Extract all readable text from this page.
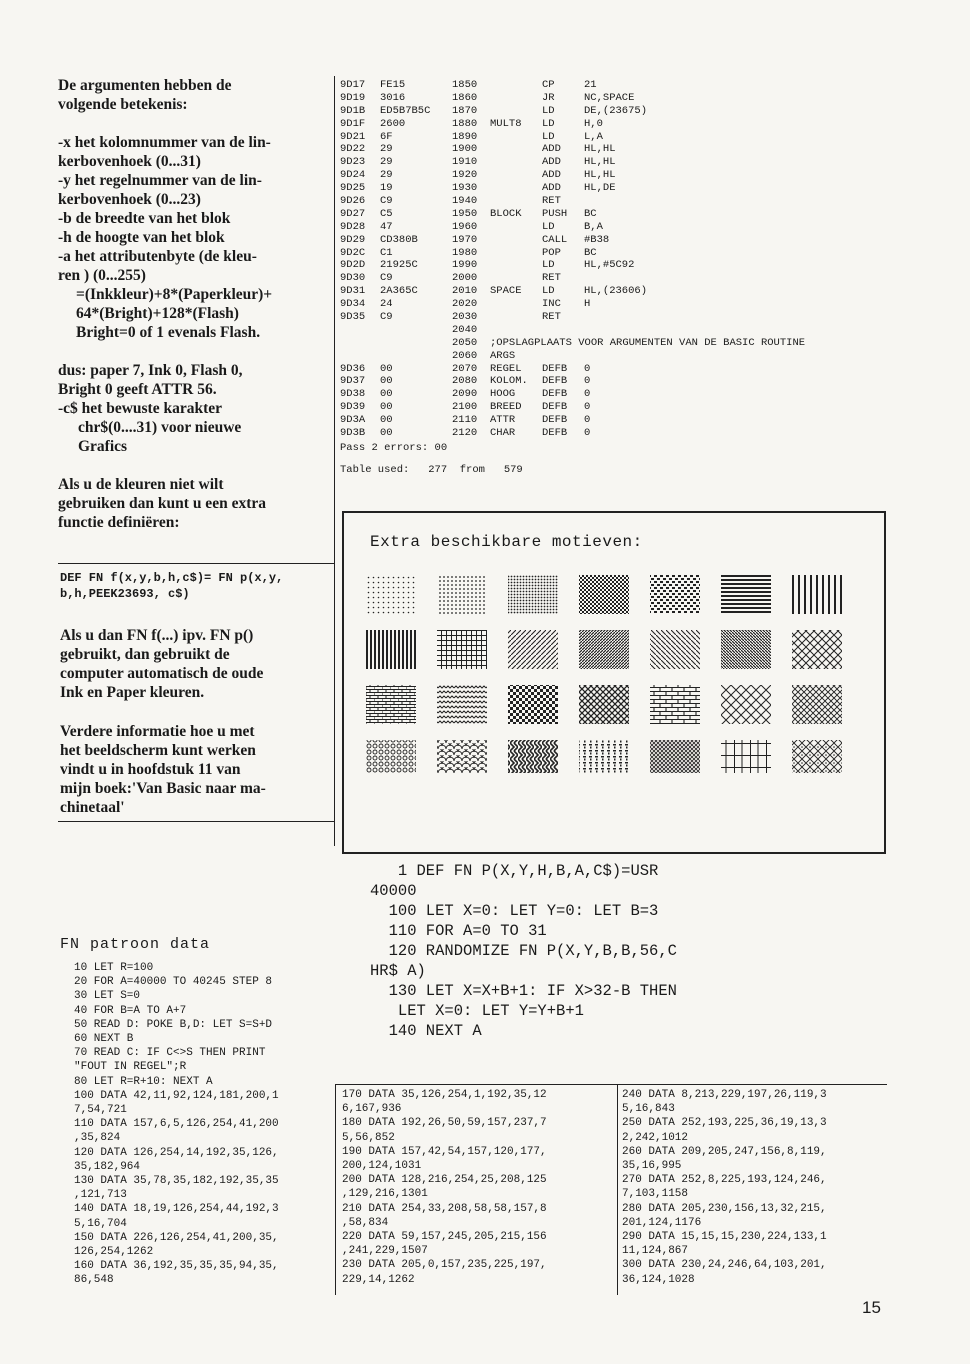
De argumenten hebben de
volgende betekenis:

-x het kolomnummer van de lin-
kerbovenhoek (0...31)
-y het regelnummer van de lin-
kerbovenhoek (0...23)
-b de breedte van het blok
-h de hoogte van het blok
-a het attributenbyte (de kleu-
ren ) (0...255)
=(Inkkleur)+8*(Paperkleur)+
64*(Bright)+128*(Flash)
Bright=0 of 1 evenals Flash.

dus: paper 7, Ink 0, Flash 0,
Bright 0 geeft ATTR 56.
-c$ het bewuste karakter
chr$(0....31) voor nieuwe
Grafics

Als u de kleuren niet wilt
gebruiken dan kunt u een extra
functie definiëren:
9D17 FE15	1850	CP	21
9D19 3016	1860	JR	NC,SPACE
9D1B ED5B7B5C 1870	LD	DE,(23675)
9D1F 2600	1880 MULT8 LD	H,0
9D21 6F	1890	LD	L,A
9D22 29	1900	ADD HL,HL
9D23 29	1910	ADD HL,HL
9D24 29	1920	ADD HL,HL
9D25 19	1930	ADD HL,DE
9D26 C9	1940	RET
9D27 C5	1950 BLOCK PUSH BC
9D28 47	1960	LD	B,A
9D29 CD380B	1970	CALL #B38
9D2C C1	1980	POP BC
9D2D 21925C	1990	LD	HL,#5C92
9D30 C9	2000	RET
9D31 2A365C	2010 SPACE LD	HL,(23606)
9D34 24	2020	INC H
9D35 C9	2030	RET
2040
2050 ;OPSLAGPLAATS VOOR ARGUMENTEN VAN DE BASIC ROUTINE
2060 ARGS
9D36 00	2070 REGEL DEFB 0
9D37 00	2080 KOLOM. DEFB 0
9D38 00	2090 HOOG	DEFB 0
9D39 00	2100 BREED DEFB 0
9D3A 00	2110 ATTR	DEFB 0
9D3B 00	2120 CHAR	DEFB 0
Pass 2 errors: 00
Table used:   277  from   579
Extra beschikbare motieven:
DEF FN f(x,y,b,h,c$)= FN p(x,y,
b,h,PEEK23693, c$)
Als u dan FN f(...) ipv. FN p()
gebruikt, dan gebruikt de
computer automatisch de oude
Ink en Paper kleuren.
Verdere informatie hoe u met
het beeldscherm kunt werken
vindt u in hoofdstuk 11 van
mijn boek:'Van Basic naar ma-
chinetaal'
1 DEF FN P(X,Y,H,B,A,C$)=USR
40000
100 LET X=0: LET Y=0: LET B=3
110 FOR A=0 TO 31
120 RANDOMIZE FN P(X,Y,B,B,56,C
HR$ A)
130 LET X=X+B+1: IF X>32-B THEN
LET X=0: LET Y=Y+B+1
140 NEXT A
FN patroon data
10 LET R=100
20 FOR A=40000 TO 40245 STEP 8
30 LET S=0
40 FOR B=A TO A+7
50 READ D: POKE B,D: LET S=S+D
60 NEXT B
70 READ C: IF C<>S THEN PRINT
"FOUT IN REGEL";R
80 LET R=R+10: NEXT A
100 DATA 42,11,92,124,181,200,1
7,54,721
110 DATA 157,6,5,126,254,41,200
,35,824
120 DATA 126,254,14,192,35,126,
35,182,964
130 DATA 35,78,35,182,192,35,35
,121,713
140 DATA 18,19,126,254,44,192,3
5,16,704
150 DATA 226,126,254,41,200,35,
126,254,1262
160 DATA 36,192,35,35,35,94,35,
86,548
170 DATA 35,126,254,1,192,35,12
6,167,936
180 DATA 192,26,50,59,157,237,7
5,56,852
190 DATA 157,42,54,157,120,177,
200,124,1031
200 DATA 128,216,254,25,208,125
,129,216,1301
210 DATA 254,33,208,58,58,157,8
,58,834
220 DATA 59,157,245,205,215,156
,241,229,1507
230 DATA 205,0,157,235,225,197,
229,14,1262
240 DATA 8,213,229,197,26,119,3
5,16,843
250 DATA 252,193,225,36,19,13,3
2,242,1012
260 DATA 209,205,247,156,8,119,
35,16,995
270 DATA 252,8,225,193,124,246,
7,103,1158
280 DATA 205,230,156,13,32,215,
201,124,1176
290 DATA 15,15,15,230,224,133,1
11,124,867
300 DATA 230,24,246,64,103,201,
36,124,1028
15
